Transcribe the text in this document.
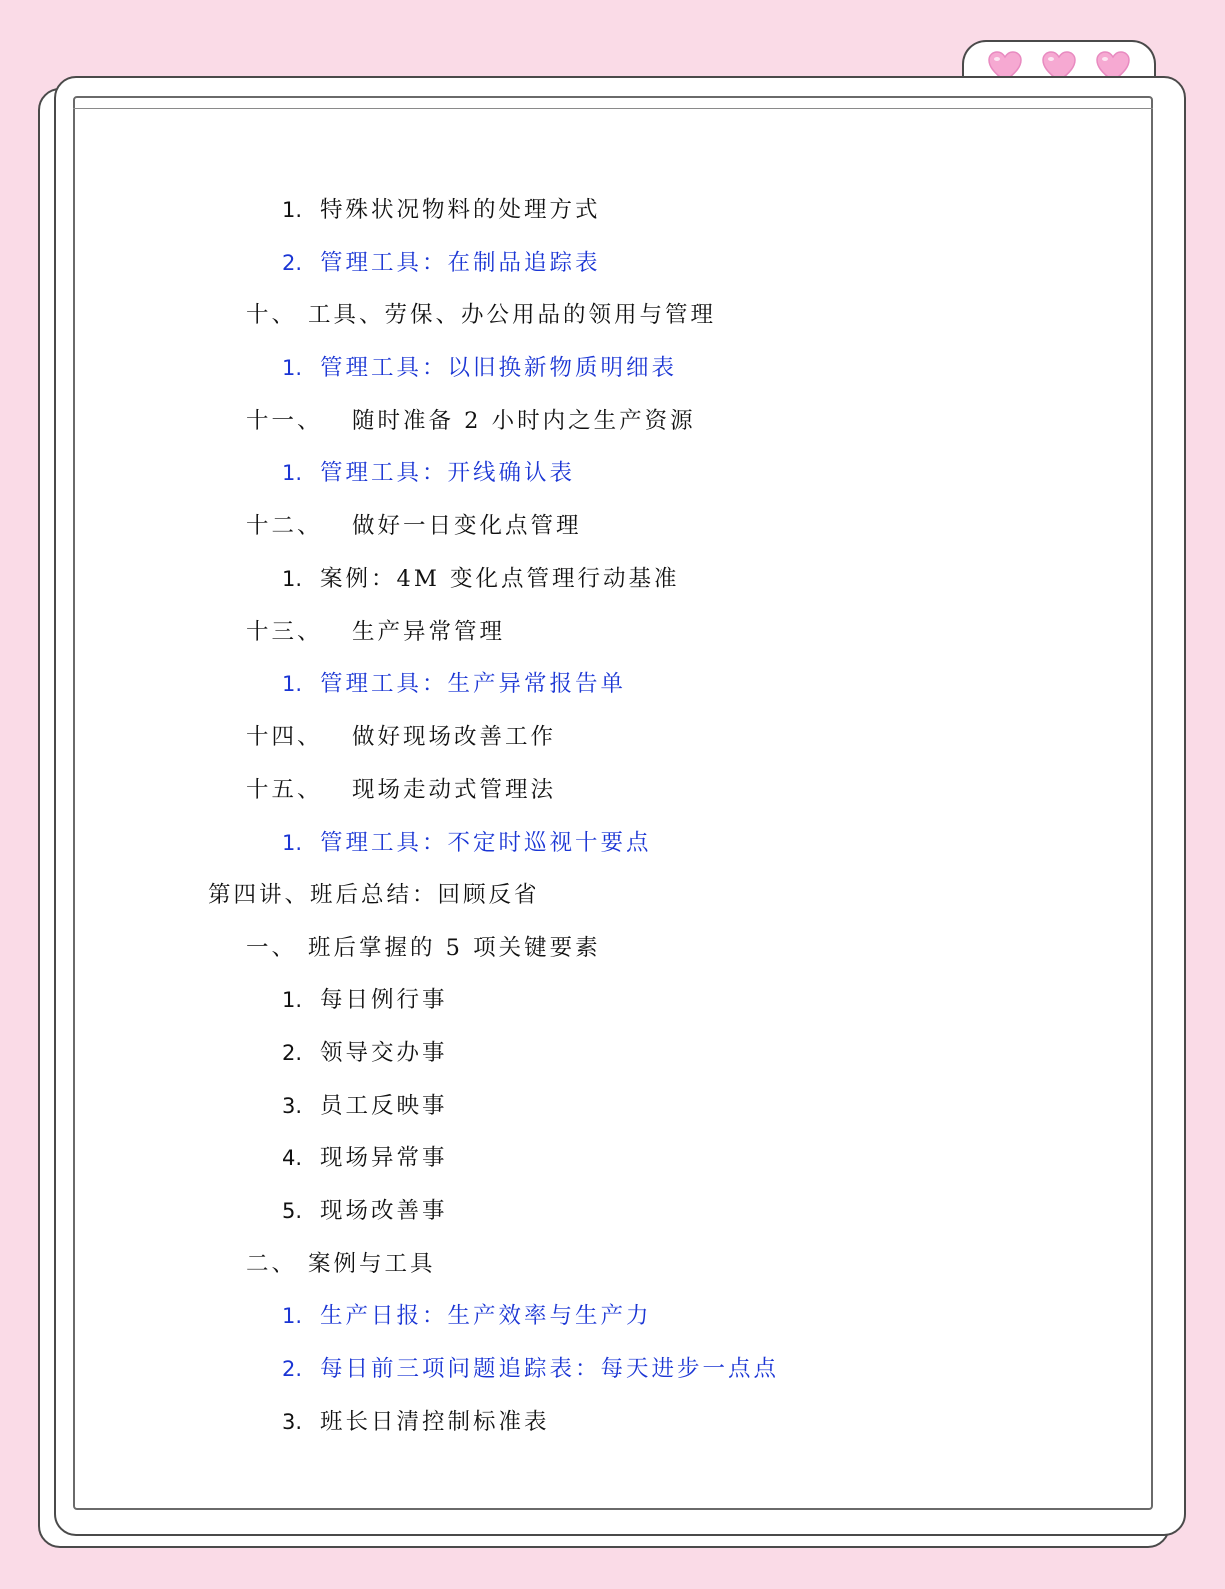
1. 特殊状况物料的处理方式
2. 管理工具：在制品追踪表
十、 工具、劳保、办公用品的领用与管理
1. 管理工具：以旧换新物质明细表
十一、 随时准备 2 小时内之生产资源
1. 管理工具：开线确认表
十二、 做好一日变化点管理
1. 案例：4M 变化点管理行动基准
十三、 生产异常管理
1. 管理工具：生产异常报告单
十四、 做好现场改善工作
十五、 现场走动式管理法
1. 管理工具：不定时巡视十要点
第四讲、班后总结：回顾反省
一、 班后掌握的 5 项关键要素
1. 每日例行事
2. 领导交办事
3. 员工反映事
4. 现场异常事
5. 现场改善事
二、 案例与工具
1. 生产日报：生产效率与生产力
2. 每日前三项问题追踪表：每天进步一点点
3. 班长日清控制标准表
